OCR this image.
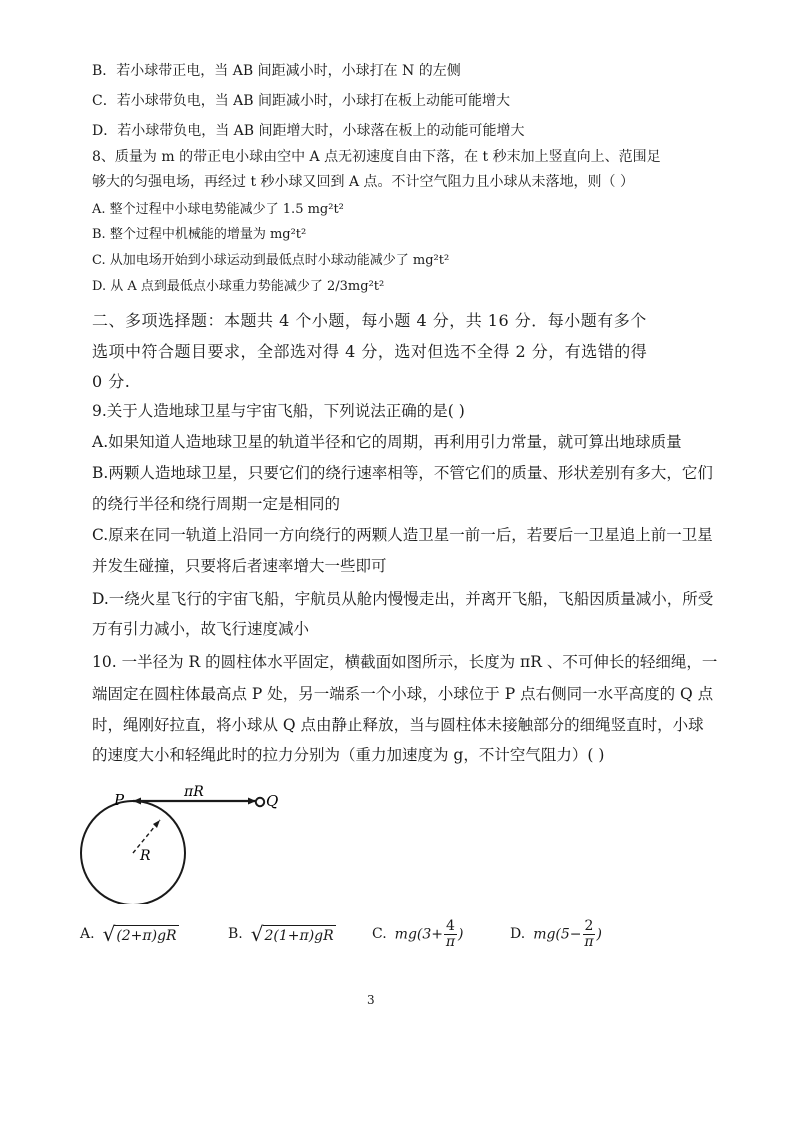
B．若小球带正电，当 AB 间距减小时，小球打在 N 的左侧
C．若小球带负电，当 AB 间距减小时，小球打在板上动能可能增大
D．若小球带负电，当 AB 间距增大时，小球落在板上的动能可能增大
8、质量为 m 的带正电小球由空中 A 点无初速度自由下落，在 t 秒末加上竖直向上、范围足
够大的匀强电场，再经过 t 秒小球又回到 A 点。不计空气阻力且小球从未落地，则（ ）
A. 整个过程中小球电势能减少了 1.5 mg²t²
B. 整个过程中机械能的增量为 mg²t²
C. 从加电场开始到小球运动到最低点时小球动能减少了 mg²t²
D. 从 A 点到最低点小球重力势能减少了 2/3mg²t²
二、多项选择题：本题共 4 个小题，每小题 4 分，共 16 分．每小题有多个
选项中符合题目要求，全部选对得 4 分，选对但选不全得 2 分，有选错的得
0 分.
9.关于人造地球卫星与宇宙飞船，下列说法正确的是( )
A.如果知道人造地球卫星的轨道半径和它的周期，再利用引力常量，就可算出地球质量
B.两颗人造地球卫星，只要它们的绕行速率相等，不管它们的质量、形状差别有多大，它们
的绕行半径和绕行周期一定是相同的
C.原来在同一轨道上沿同一方向绕行的两颗人造卫星一前一后，若要后一卫星追上前一卫星
并发生碰撞，只要将后者速率增大一些即可
D.一绕火星飞行的宇宙飞船，宇航员从舱内慢慢走出，并离开飞船，飞船因质量减小，所受
万有引力减小，故飞行速度减小
10. 一半径为 R 的圆柱体水平固定，横截面如图所示，长度为 πR 、不可伸长的轻细绳，一
端固定在圆柱体最高点 P 处，另一端系一个小球，小球位于 P 点右侧同一水平高度的 Q 点
时，绳刚好拉直，将小球从 Q 点由静止释放，当与圆柱体未接触部分的细绳竖直时，小球
的速度大小和轻绳此时的拉力分别为（重力加速度为 g，不计空气阻力）( )
P	Q
πR
R
A. √ (2+π)gR	B. √ 2(1+π)gR	C. $mg(3+ \frac{4}{\pi}$ )	D. $mg(5- \frac{2}{\pi}$ )
3
